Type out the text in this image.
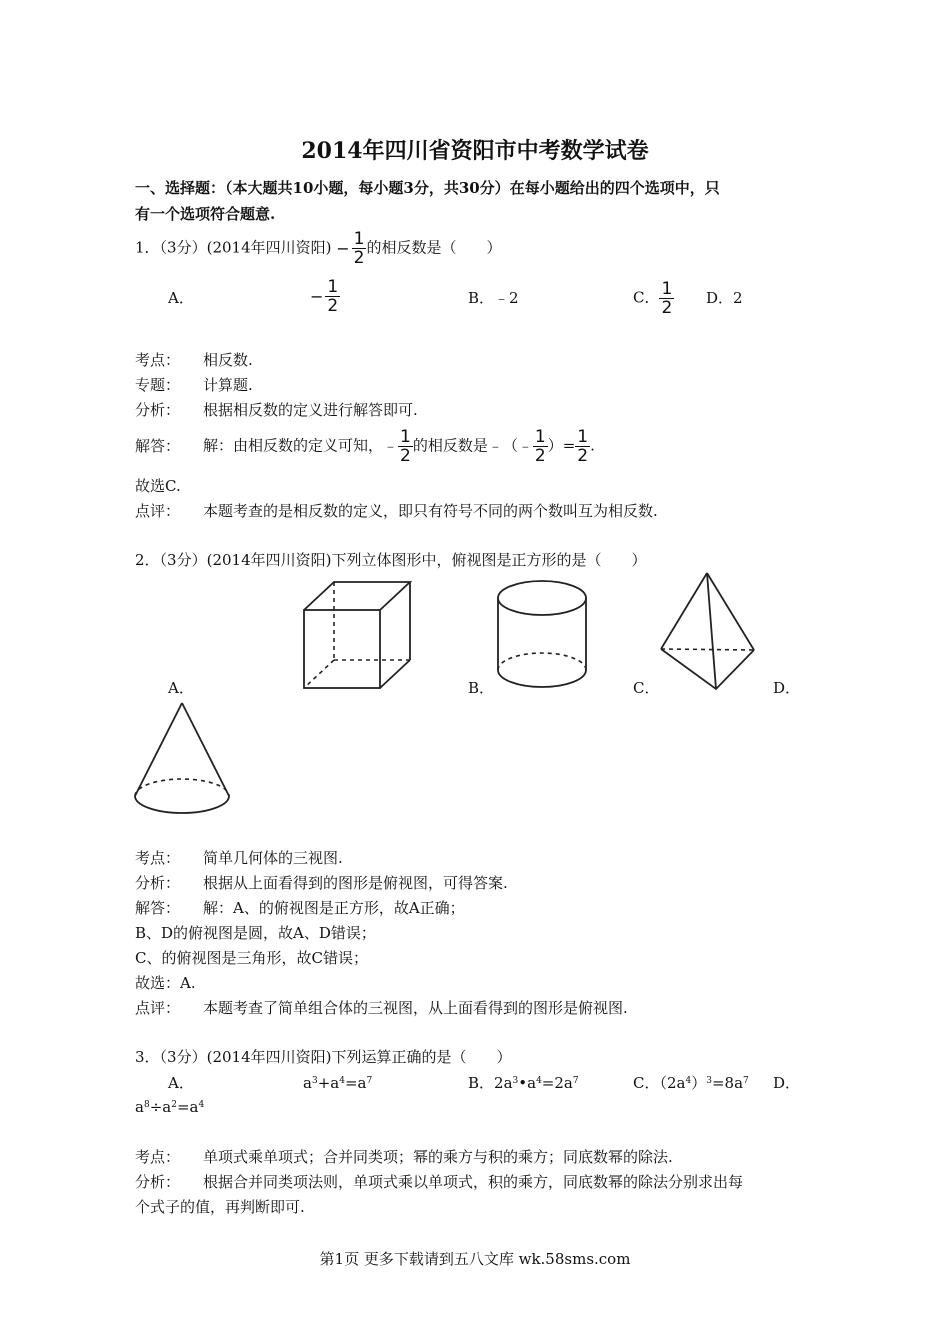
2014年四川省资阳市中考数学试卷
一、选择题：（本大题共10小题，每小题3分，共30分）在每小题给出的四个选项中，只
有一个选项符合题意.
1．（3分）(2014年四川资阳) − $\frac{1}{2}$ 的相反数是（　　）
A．	− $\frac{1}{2}$	B．﹣2	C． $\frac{1}{2}$ D．2
考点： 相反数.
专题： 计算题.
分析： 根据相反数的定义进行解答即可.
解答： 解：由相反数的定义可知，﹣ $\frac{1}{2}$ 的相反数是﹣（﹣ $\frac{1}{2}$ ）= $\frac{1}{2}$ .
故选C.
点评： 本题考查的是相反数的定义，即只有符号不同的两个数叫互为相反数.
2．（3分）(2014年四川资阳)下列立体图形中，俯视图是正方形的是（　　）
A．	B．	C．	D．
考点： 简单几何体的三视图.
分析： 根据从上面看得到的图形是俯视图，可得答案.
解答： 解：A、的俯视图是正方形，故A正确；
B、D的俯视图是圆，故A、D错误；
C、的俯视图是三角形，故C错误；
故选：A.
点评： 本题考查了简单组合体的三视图，从上面看得到的图形是俯视图.
3．（3分）(2014年四川资阳)下列运算正确的是（　　）
A．	$a^3+a^4=a^7$	B．$2a^3•a^4=2a^7$	C．$(2a^4)^3=8a^7$ D．
$a^8\div a^2=a^4$
考点： 单项式乘单项式；合并同类项；幂的乘方与积的乘方；同底数幂的除法.
分析： 根据合并同类项法则，单项式乘以单项式，积的乘方，同底数幂的除法分别求出每
个式子的值，再判断即可.
第1页 更多下载请到五八文库 wk.58sms.com
